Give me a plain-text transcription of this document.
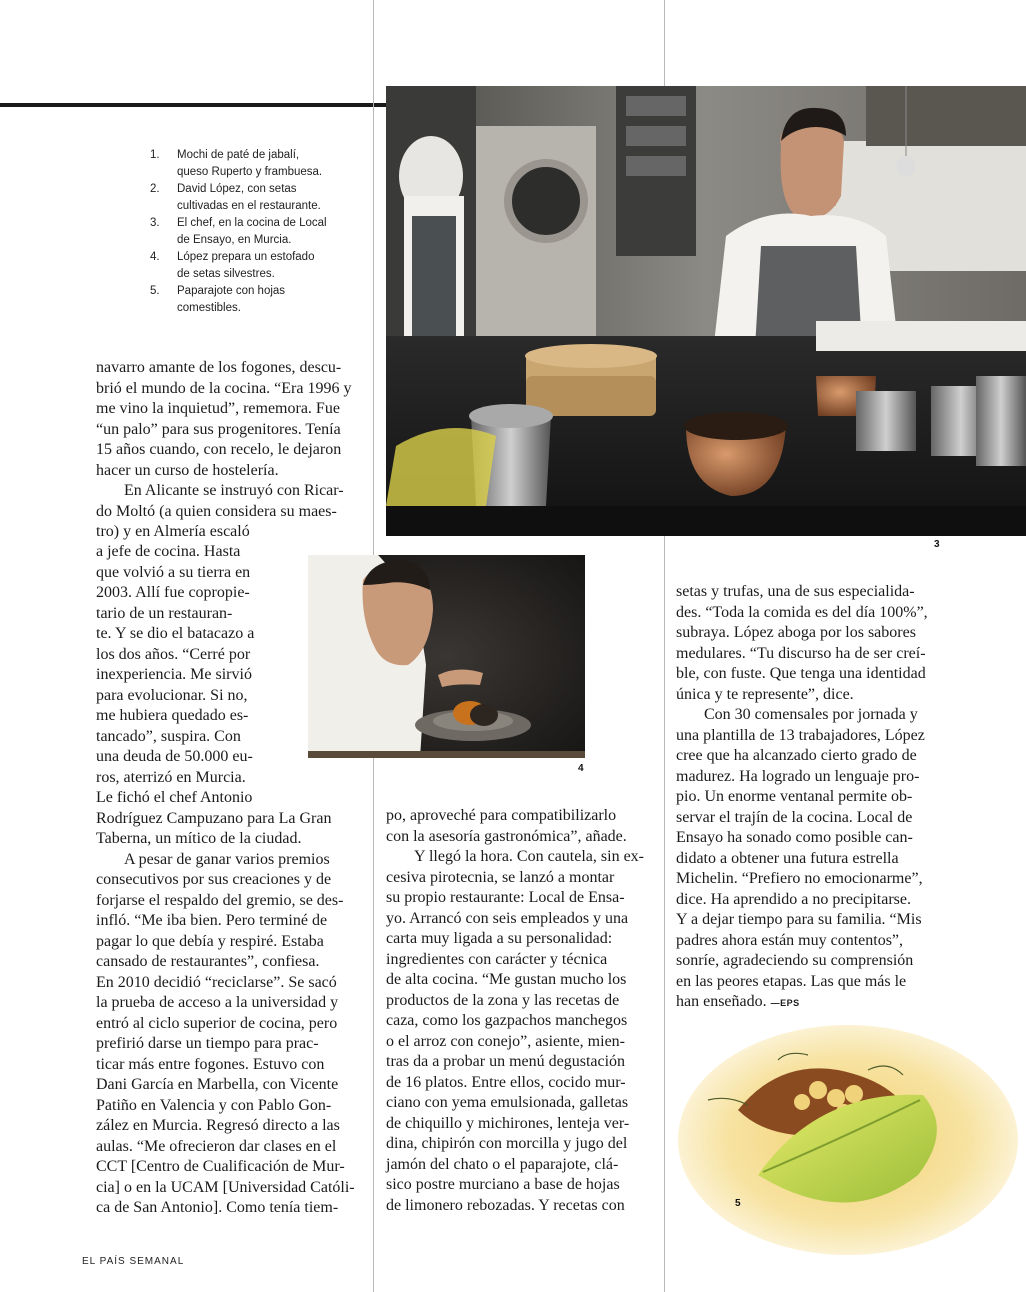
1.	Mochi de paté de jabalí,
queso Ruperto y frambuesa.
2.	David López, con setas
cultivadas en el restaurante.
3.	El chef, en la cocina de Local
de Ensayo, en Murcia.
4.	López prepara un estofado
de setas silvestres.
5.	Paparajote con hojas
comestibles.
3
4
5

navarro amante de los fogones, descu-
brió el mundo de la cocina. “Era 1996 y
me vino la inquietud”, rememora. Fue
“un palo” para sus progenitores. Tenía
15 años cuando, con recelo, le dejaron
hacer un curso de hostelería.

En Alicante se instruyó con Ricar-
do Moltó (a quien considera su maes-
tro) y en Almería escaló

a jefe de cocina. Hasta
que volvió a su tierra en
2003. Allí fue copropie-
tario de un restauran-
te. Y se dio el batacazo a
los dos años. “Cerré por
inexperiencia. Me sirvió
para evolucionar. Si no,
me hubiera quedado es-
tancado”, suspira. Con
una deuda de 50.000 eu-
ros, aterrizó en Murcia.

Le fichó el chef Antonio
Rodríguez Campuzano para La Gran
Taberna, un mítico de la ciudad.

A pesar de ganar varios premios
consecutivos por sus creaciones y de
forjarse el respaldo del gremio, se des-
infló. “Me iba bien. Pero terminé de
pagar lo que debía y respiré. Estaba
cansado de restaurantes”, confiesa.
En 2010 decidió “reciclarse”. Se sacó
la prueba de acceso a la universidad y
entró al ciclo superior de cocina, pero
prefirió darse un tiempo para prac-
ticar más entre fogones. Estuvo con
Dani García en Marbella, con Vicente
Patiño en Valencia y con Pablo Gon-
zález en Murcia. Regresó directo a las
aulas. “Me ofrecieron dar clases en el
CCT [Centro de Cualificación de Mur-
cia] o en la UCAM [Universidad Católi-
ca de San Antonio]. Como tenía tiem-

po, aproveché para compatibilizarlo
con la asesoría gastronómica”, añade.

Y llegó la hora. Con cautela, sin ex-
cesiva pirotecnia, se lanzó a montar
su propio restaurante: Local de Ensa-
yo. Arrancó con seis empleados y una
carta muy ligada a su personalidad:
ingredientes con carácter y técnica
de alta cocina. “Me gustan mucho los
productos de la zona y las recetas de
caza, como los gazpachos manchegos
o el arroz con conejo”, asiente, mien-
tras da a probar un menú degustación
de 16 platos. Entre ellos, cocido mur-
ciano con yema emulsionada, galletas
de chiquillo y michirones, lenteja ver-
dina, chipirón con morcilla y jugo del
jamón del chato o el paparajote, clá-
sico postre murciano a base de hojas
de limonero rebozadas. Y recetas con

setas y trufas, una de sus especialida-
des. “Toda la comida es del día 100%”,
subraya. López aboga por los sabores
medulares. “Tu discurso ha de ser creí-
ble, con fuste. Que tenga una identidad
única y te represente”, dice.

Con 30 comensales por jornada y
una plantilla de 13 trabajadores, López
cree que ha alcanzado cierto grado de
madurez. Ha logrado un lenguaje pro-
pio. Un enorme ventanal permite ob-
servar el trajín de la cocina. Local de
Ensayo ha sonado como posible can-
didato a obtener una futura estrella
Michelin. “Prefiero no emocionarme”,
dice. Ha aprendido a no precipitarse.
Y a dejar tiempo para su familia. “Mis
padres ahora están muy contentos”,
sonríe, agradeciendo su comprensión
en las peores etapas. Las que más le
han enseñado. —EPS

EL PAÍS SEMANAL
